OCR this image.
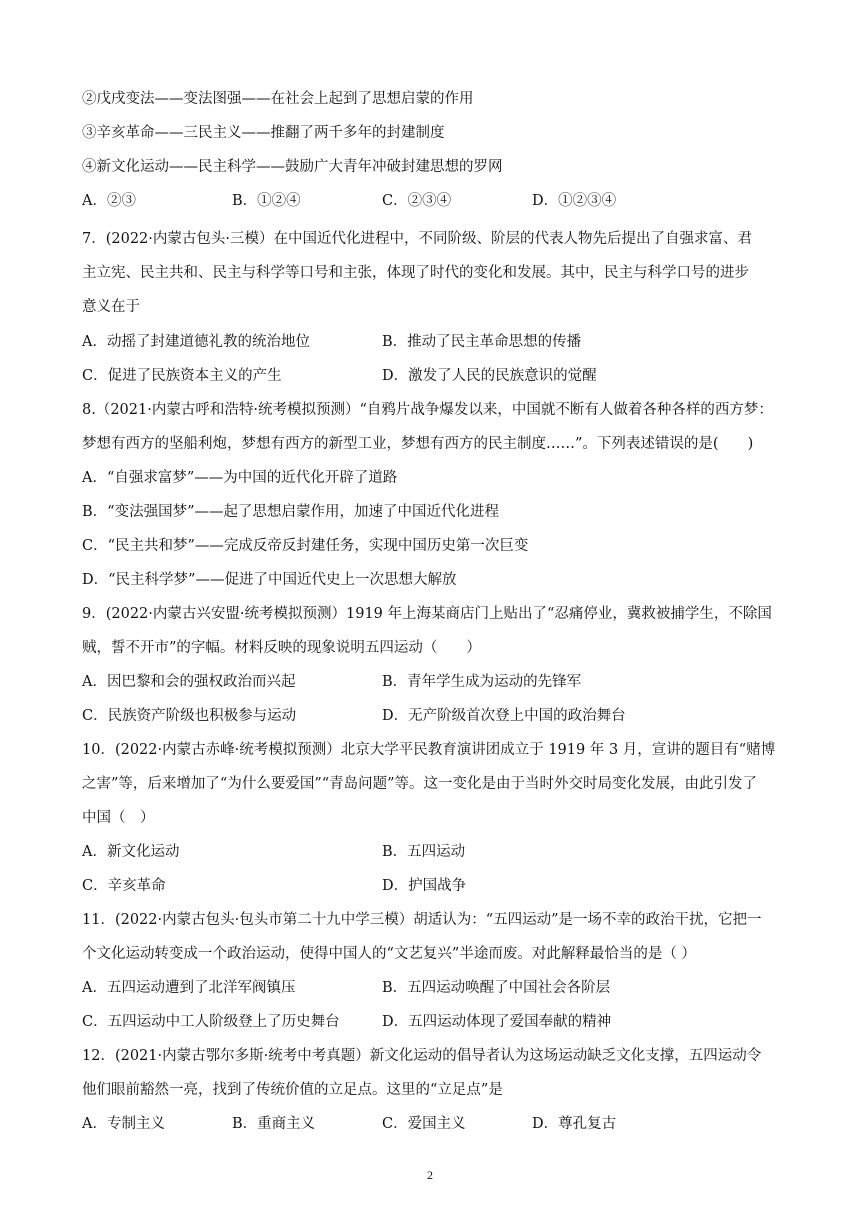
②戊戌变法——变法图强——在社会上起到了思想启蒙的作用
③辛亥革命——三民主义——推翻了两千多年的封建制度
④新文化运动——民主科学——鼓励广大青年冲破封建思想的罗网
A．②③	B．①②④	C．②③④	D．①②③④
7．(2022·内蒙古包头·三模）在中国近代化进程中，不同阶级、阶层的代表人物先后提出了自强求富、君
主立宪、民主共和、民主与科学等口号和主张，体现了时代的变化和发展。其中，民主与科学口号的进步
意义在于
A．动摇了封建道德礼教的统治地位	B．推动了民主革命思想的传播
C．促进了民族资本主义的产生	D．激发了人民的民族意识的觉醒
8.（2021·内蒙古呼和浩特·统考模拟预测）“自鸦片战争爆发以来，中国就不断有人做着各种各样的西方梦：
梦想有西方的坚船利炮，梦想有西方的新型工业，梦想有西方的民主制度……”。下列表述错误的是(　　)
A．“自强求富梦”——为中国的近代化开辟了道路
B．“变法强国梦”——起了思想启蒙作用，加速了中国近代化进程
C．“民主共和梦”——完成反帝反封建任务，实现中国历史第一次巨变
D．“民主科学梦”——促进了中国近代史上一次思想大解放
9．(2022·内蒙古兴安盟·统考模拟预测）1919 年上海某商店门上贴出了“忍痛停业，冀救被捕学生，不除国
贼，誓不开市”的字幅。材料反映的现象说明五四运动（　　）
A．因巴黎和会的强权政治而兴起	B．青年学生成为运动的先锋军
C．民族资产阶级也积极参与运动	D．无产阶级首次登上中国的政治舞台
10．(2022·内蒙古赤峰·统考模拟预测）北京大学平民教育演讲团成立于 1919 年 3 月，宣讲的题目有“赌博
之害”等，后来增加了“为什么要爱国”“青岛问题”等。这一变化是由于当时外交时局变化发展，由此引发了
中国（　）
A．新文化运动	B．五四运动
C．辛亥革命	D．护国战争
11．(2022·内蒙古包头·包头市第二十九中学三模）胡适认为：“五四运动”是一场不幸的政治干扰，它把一
个文化运动转变成一个政治运动，使得中国人的“文艺复兴”半途而废。对此解释最恰当的是（ ）
A．五四运动遭到了北洋军阀镇压	B．五四运动唤醒了中国社会各阶层
C．五四运动中工人阶级登上了历史舞台	D．五四运动体现了爱国奉献的精神
12．(2021·内蒙古鄂尔多斯·统考中考真题）新文化运动的倡导者认为这场运动缺乏文化支撑，五四运动令
他们眼前豁然一亮，找到了传统价值的立足点。这里的“立足点”是
A．专制主义	B．重商主义	C．爱国主义	D．尊孔复古
2
